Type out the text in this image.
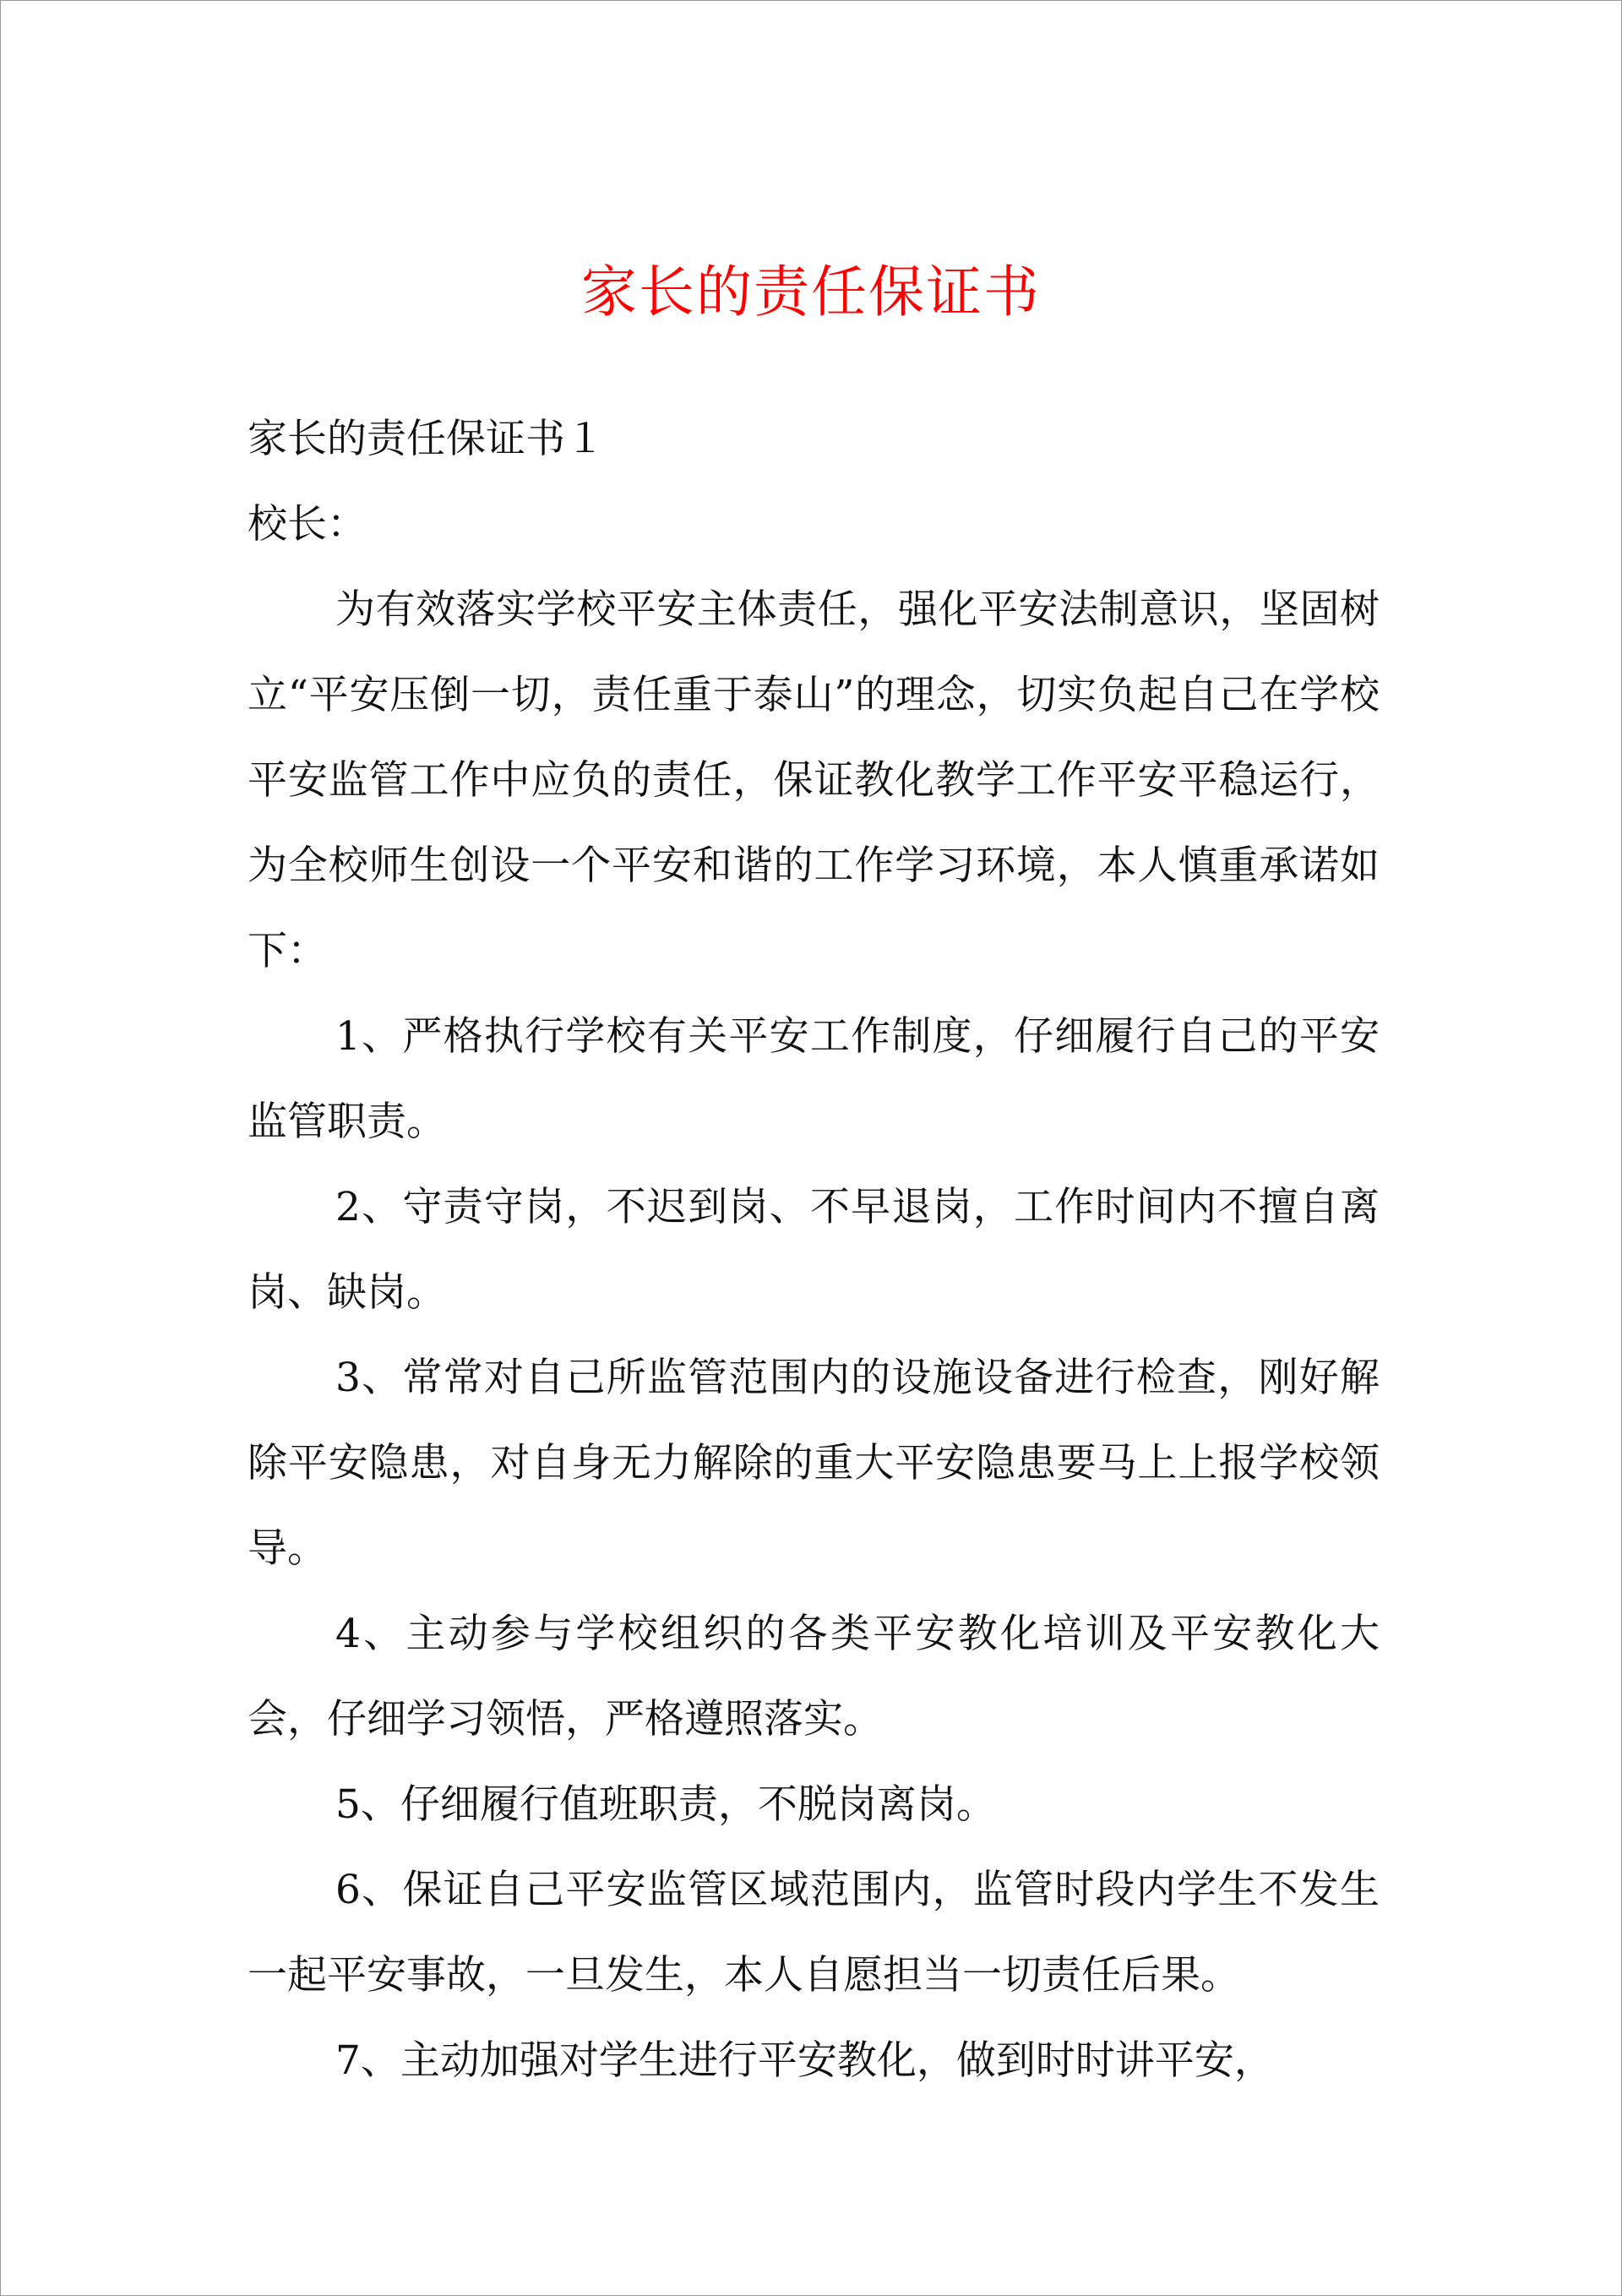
家长的责任保证书

家长的责任保证书１

校长：

为有效落实学校平安主体责任，强化平安法制意识，坚固树立“平安压倒一切，责任重于泰山”的理念，切实负起自己在学校平安监管工作中应负的责任，保证教化教学工作平安平稳运行，为全校师生创设一个平安和谐的工作学习环境，本人慎重承诺如下：

1、严格执行学校有关平安工作制度，仔细履行自己的平安监管职责。

2、守责守岗，不迟到岗、不早退岗，工作时间内不擅自离岗、缺岗。

3、常常对自己所监管范围内的设施设备进行检查，刚好解除平安隐患，对自身无力解除的重大平安隐患要马上上报学校领导。

4、主动参与学校组织的各类平安教化培训及平安教化大会，仔细学习领悟，严格遵照落实。

5、仔细履行值班职责，不脱岗离岗。

6、保证自己平安监管区域范围内，监管时段内学生不发生一起平安事故，一旦发生，本人自愿担当一切责任后果。

7、主动加强对学生进行平安教化，做到时时讲平安，
